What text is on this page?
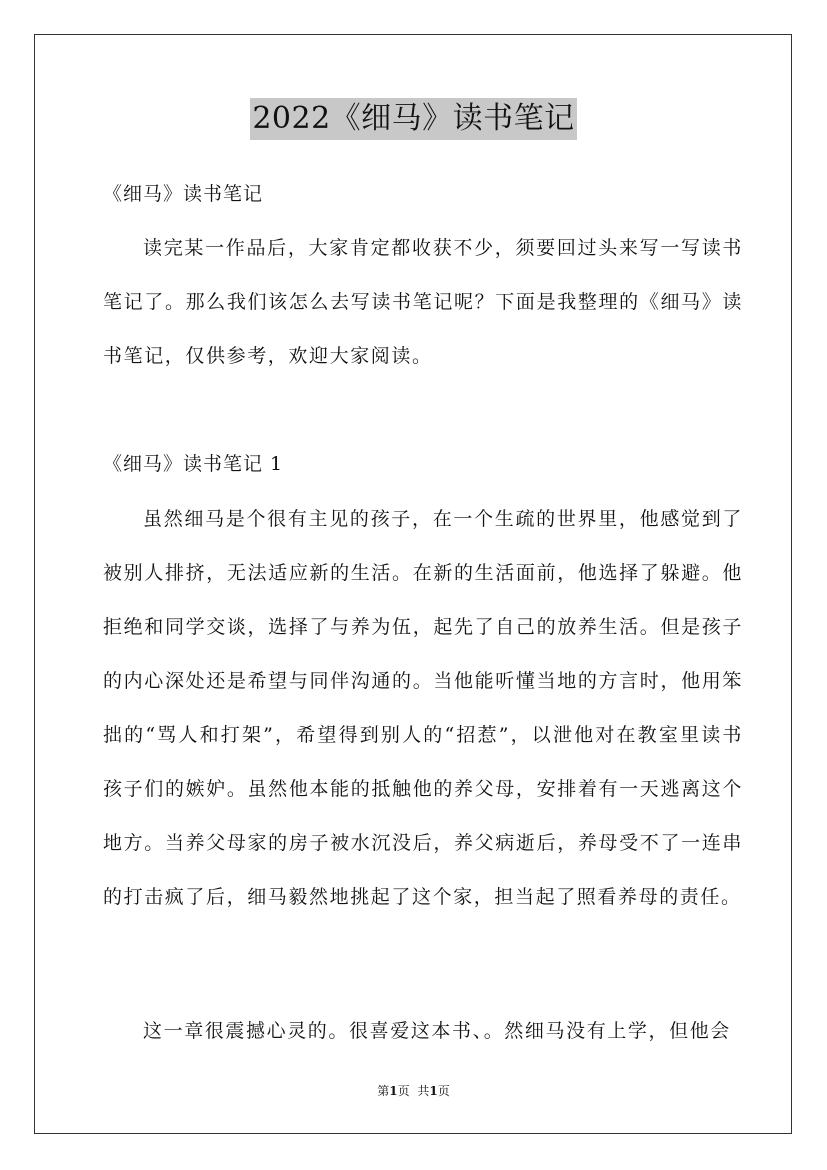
2022《细马》读书笔记
《细马》读书笔记

读完某一作品后，大家肯定都收获不少，须要回过头来写一写读书笔记了。那么我们该怎么去写读书笔记呢？下面是我整理的《细马》读书笔记，仅供参考，欢迎大家阅读。

《细马》读书笔记 1

虽然细马是个很有主见的孩子，在一个生疏的世界里，他感觉到了被别人排挤，无法适应新的生活。在新的生活面前，他选择了躲避。他拒绝和同学交谈，选择了与养为伍，起先了自己的放养生活。但是孩子的内心深处还是希望与同伴沟通的。当他能听懂当地的方言时，他用笨拙的“骂人和打架”，希望得到别人的“招惹”，以泄他对在教室里读书孩子们的嫉妒。虽然他本能的抵触他的养父母，安排着有一天逃离这个地方。当养父母家的房子被水沉没后，养父病逝后，养母受不了一连串的打击疯了后，细马毅然地挑起了这个家，担当起了照看养母的责任。

这一章很震撼心灵的。很喜爱这本书、。然细马没有上学，但他会

第1页 共1页
